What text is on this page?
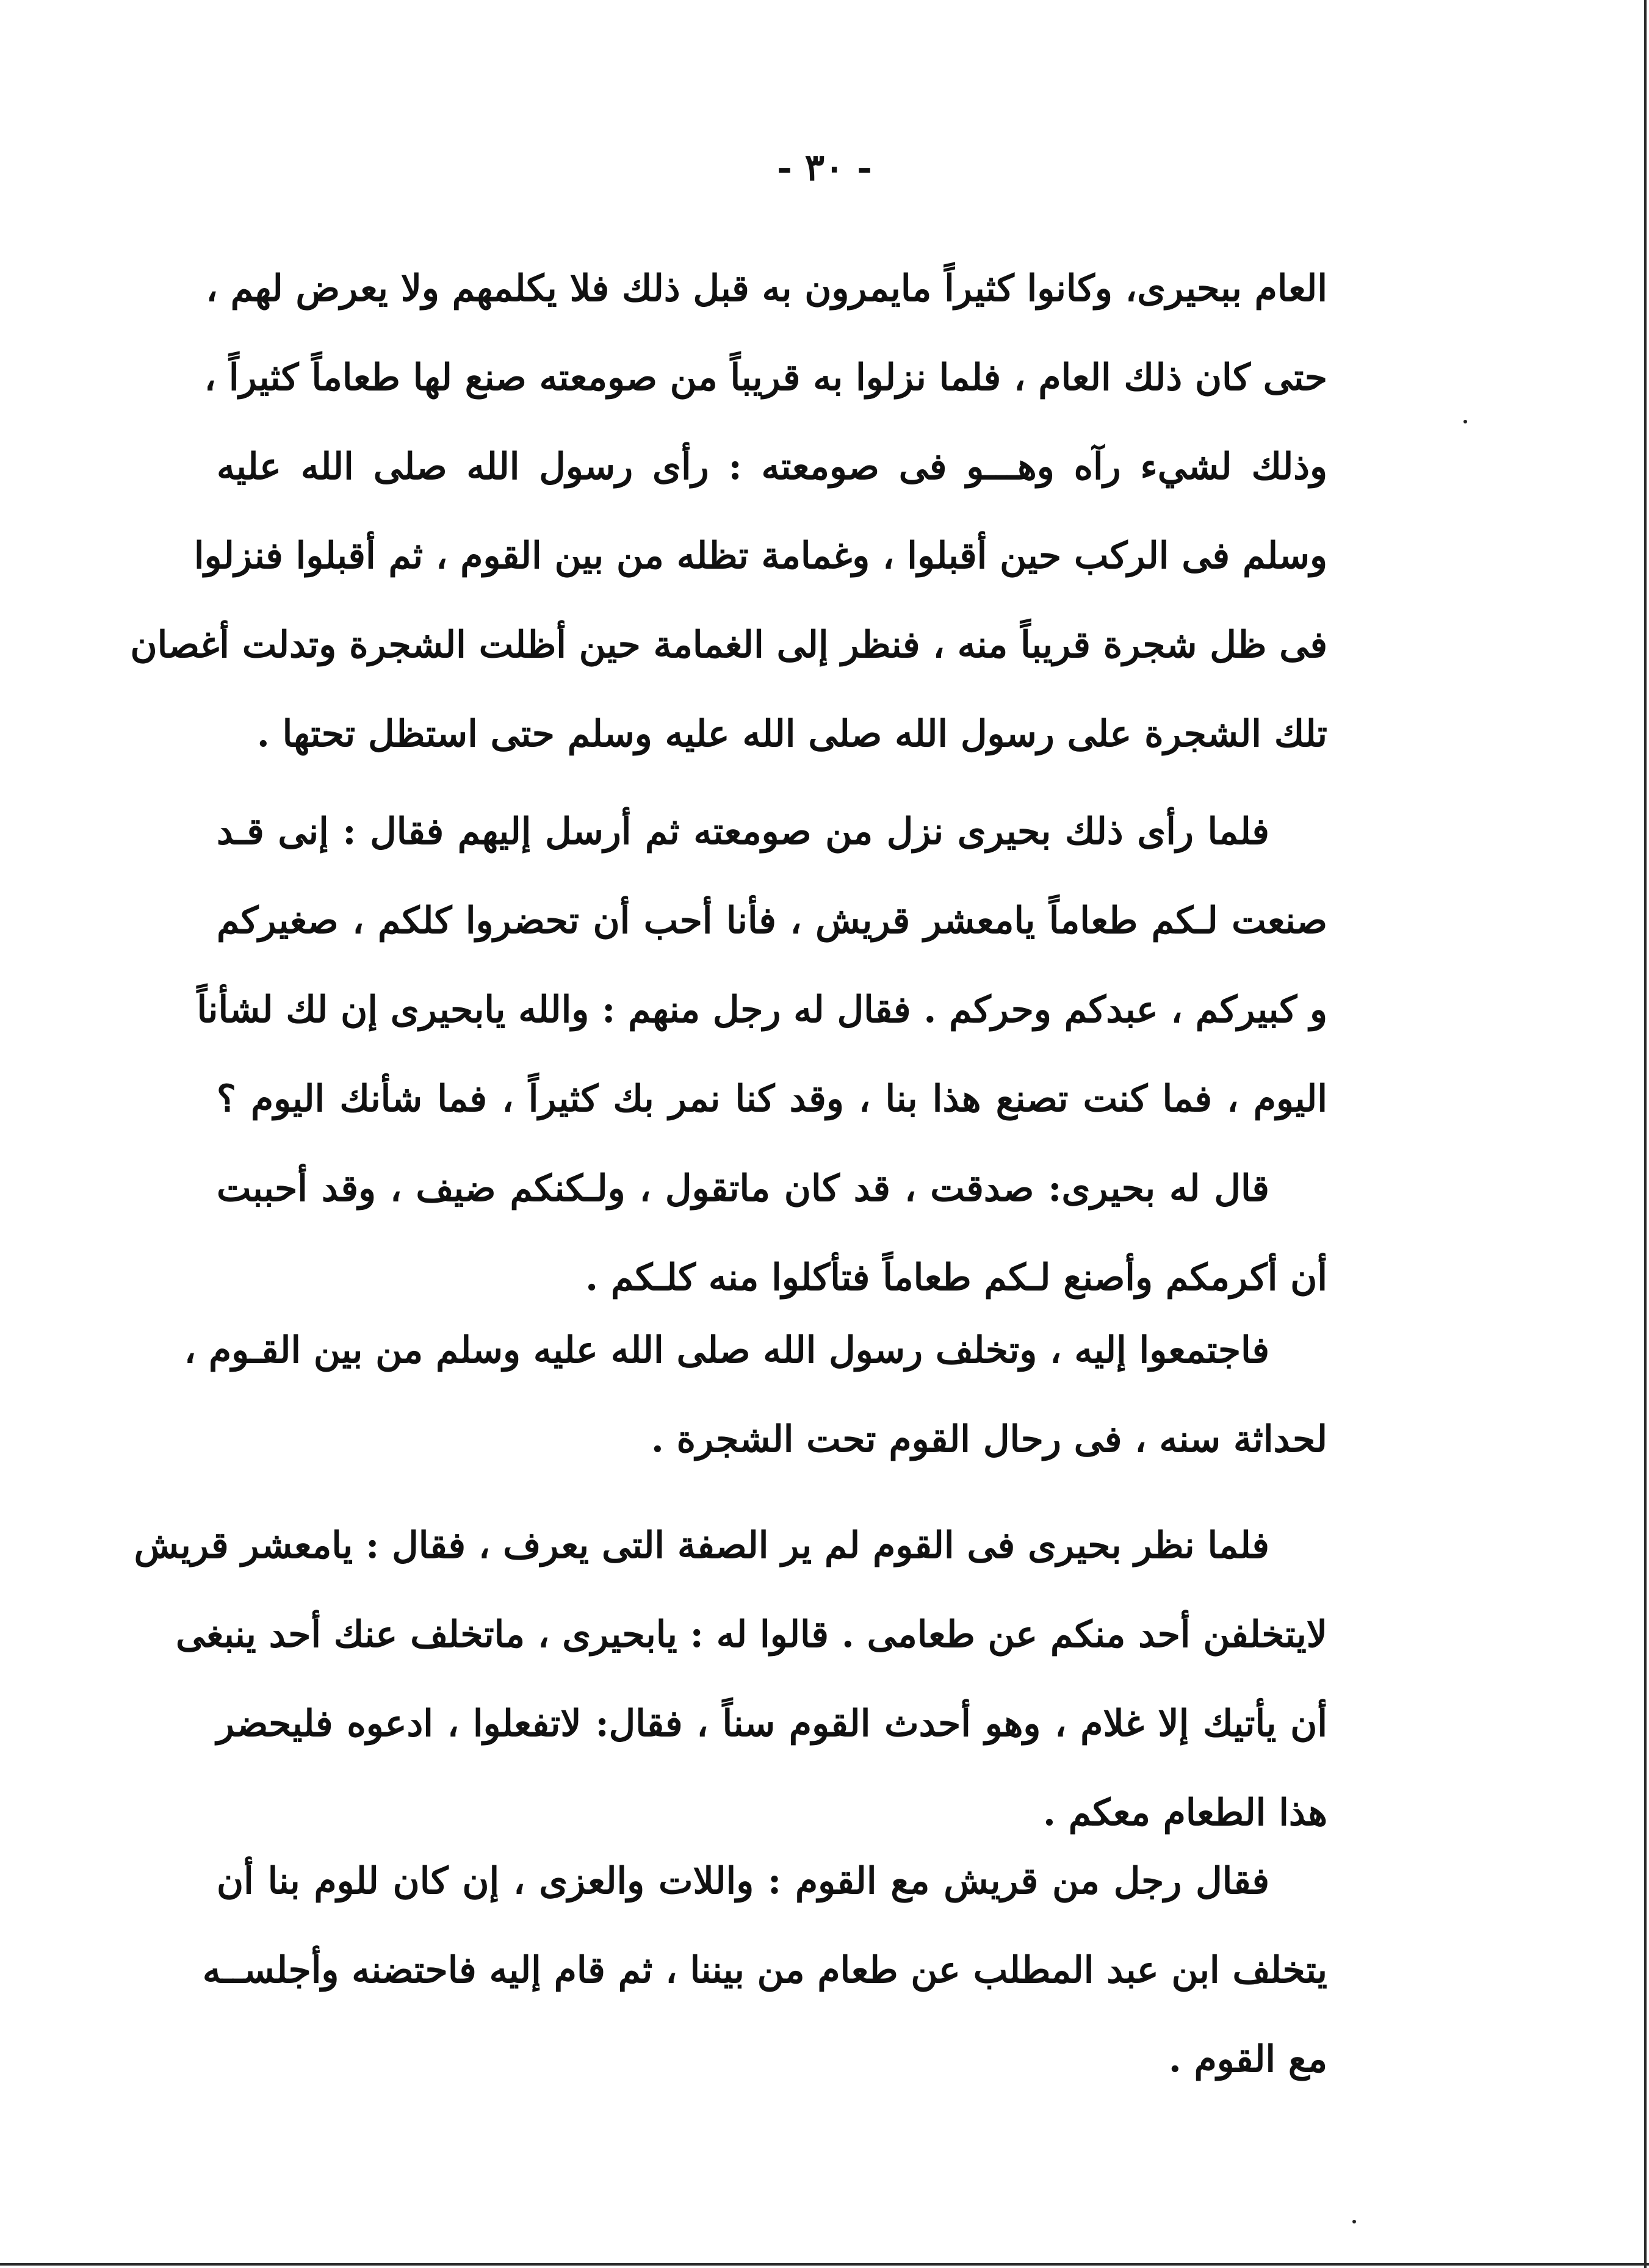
- ٣٠ -
العام ببحيرى، وكانوا كثيراً مايمرون به قبل ذلك فلا يكلمهم ولا يعرض لهم ،
حتى كان ذلك العام ، فلما نزلوا به قريباً من صومعته صنع لها طعاماً كثيراً ،
وذلك لشيء رآه وهـــو فى صومعته : رأى رسول الله صلى الله عليه
وسلم فى الركب حين أقبلوا ، وغمامة تظله من بين القوم ، ثم أقبلوا فنزلوا
فى ظل شجرة قريباً منه ، فنظر إلى الغمامة حين أظلت الشجرة وتدلت أغصان
تلك الشجرة على رسول الله صلى الله عليه وسلم حتى استظل تحتها .
فلما رأى ذلك بحيرى نزل من صومعته ثم أرسل إليهم فقال : إنى قـد
صنعت لـكم طعاماً يامعشر قريش ، فأنا أحب أن تحضروا كلكم ، صغيركم
و كبيركم ، عبدكم وحركم . فقال له رجل منهم : والله يابحيرى إن لك لشأناً
اليوم ، فما كنت تصنع هذا بنا ، وقد كنا نمر بك كثيراً ، فما شأنك اليوم ؟
قال له بحيرى: صدقت ، قد كان ماتقول ، ولـكنكم ضيف ، وقد أحببت
أن أكرمكم وأصنع لـكم طعاماً فتأكلوا منه كلـكم .
فاجتمعوا إليه ، وتخلف رسول الله صلى الله عليه وسلم من بين القـوم ،
لحداثة سنه ، فى رحال القوم تحت الشجرة .
فلما نظر بحيرى فى القوم لم ير الصفة التى يعرف ، فقال : يامعشر قريش
لايتخلفن أحد منكم عن طعامى . قالوا له : يابحيرى ، ماتخلف عنك أحد ينبغى
أن يأتيك إلا غلام ، وهو أحدث القوم سناً ، فقال: لاتفعلوا ، ادعوه فليحضر
هذا الطعام معكم .
فقال رجل من قريش مع القوم : واللات والعزى ، إن كان للوم بنا أن
يتخلف ابن عبد المطلب عن طعام من بيننا ، ثم قام إليه فاحتضنه وأجلســه
مع القوم .
